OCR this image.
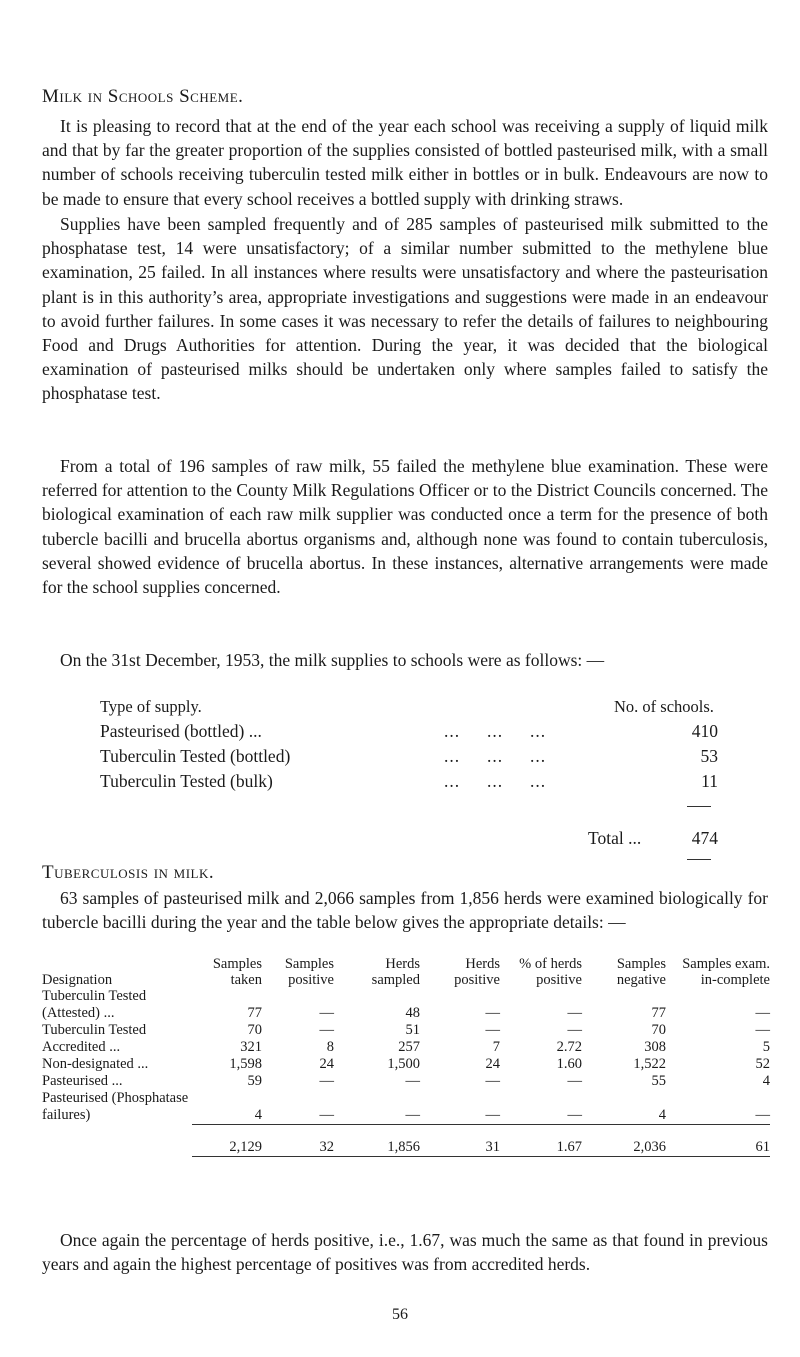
Milk in Schools Scheme.

It is pleasing to record that at the end of the year each school was receiving a supply of liquid milk and that by far the greater proportion of the supplies consisted of bottled pasteurised milk, with a small number of schools receiving tuberculin tested milk either in bottles or in bulk. Endeavours are now to be made to ensure that every school receives a bottled supply with drinking straws.

Supplies have been sampled frequently and of 285 samples of pasteurised milk submitted to the phosphatase test, 14 were unsatisfactory; of a similar number submitted to the methylene blue examination, 25 failed. In all instances where results were unsatisfactory and where the pasteurisation plant is in this authority’s area, appropriate investigations and suggestions were made in an endeavour to avoid further failures. In some cases it was necessary to refer the details of failures to neighbouring Food and Drugs Authorities for attention. During the year, it was decided that the biological examination of pasteurised milks should be undertaken only where samples failed to satisfy the phosphatase test.

From a total of 196 samples of raw milk, 55 failed the methylene blue examination. These were referred for attention to the County Milk Regulations Officer or to the District Councils concerned. The biological examination of each raw milk supplier was conducted once a term for the presence of both tubercle bacilli and brucella abortus organisms and, although none was found to contain tuberculosis, several showed evidence of brucella abortus. In these instances, alternative arrangements were made for the school supplies concerned.

On the 31st December, 1953, the milk supplies to schools were as follows: —

Type of supply.	No. of schools.
Pasteurised (bottled) ...	...     ...     ...	410
Tuberculin Tested (bottled)	...     ...     ...	53
Tuberculin Tested (bulk)	...     ...     ...	11
Total ...	474
Tuberculosis in milk.

63 samples of pasteurised milk and 2,066 samples from 1,856 herds were examined biologically for tubercle bacilli during the year and the table below gives the appropriate details: —

Designation	Samples taken	Samples positive	Herds sampled	Herds positive	% of herds positive	Samples negative	Samples exam. in-complete
Tuberculin Tested (Attested) ...	77	—	48	—	—	77	—
Tuberculin Tested	70	—	51	—	—	70	—
Accredited ...	321	8	257	7	2.72	308	5
Non-designated ...	1,598	24	1,500	24	1.60	1,522	52
Pasteurised ...	59	—	—	—	—	55	4
Pasteurised (Phosphatase failures)	4	—	—	—	—	4	—
	2,129	32	1,856	31	1.67	2,036	61

Once again the percentage of herds positive, i.e., 1.67, was much the same as that found in previous years and again the highest percentage of positives was from accredited herds.

56
